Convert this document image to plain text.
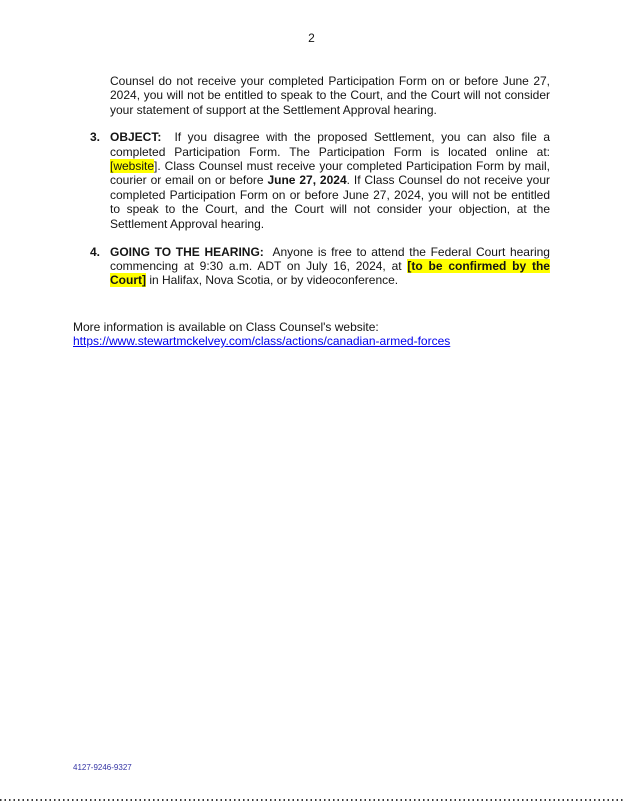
2

Counsel do not receive your completed Participation Form on or before June 27, 2024, you will not be entitled to speak to the Court, and the Court will not consider your statement of support at the Settlement Approval hearing.

3. OBJECT:  If you disagree with the proposed Settlement, you can also file a completed Participation Form. The Participation Form is located online at: [website]. Class Counsel must receive your completed Participation Form by mail, courier or email on or before June 27, 2024. If Class Counsel do not receive your completed Participation Form on or before June 27, 2024, you will not be entitled to speak to the Court, and the Court will not consider your objection, at the Settlement Approval hearing.
4. GOING TO THE HEARING:  Anyone is free to attend the Federal Court hearing commencing at 9:30 a.m. ADT on July 16, 2024, at [to be confirmed by the Court] in Halifax, Nova Scotia, or by videoconference.

More information is available on Class Counsel's website:

https://www.stewartmckelvey.com/class/actions/canadian-armed-forces
4127-9246-9327
